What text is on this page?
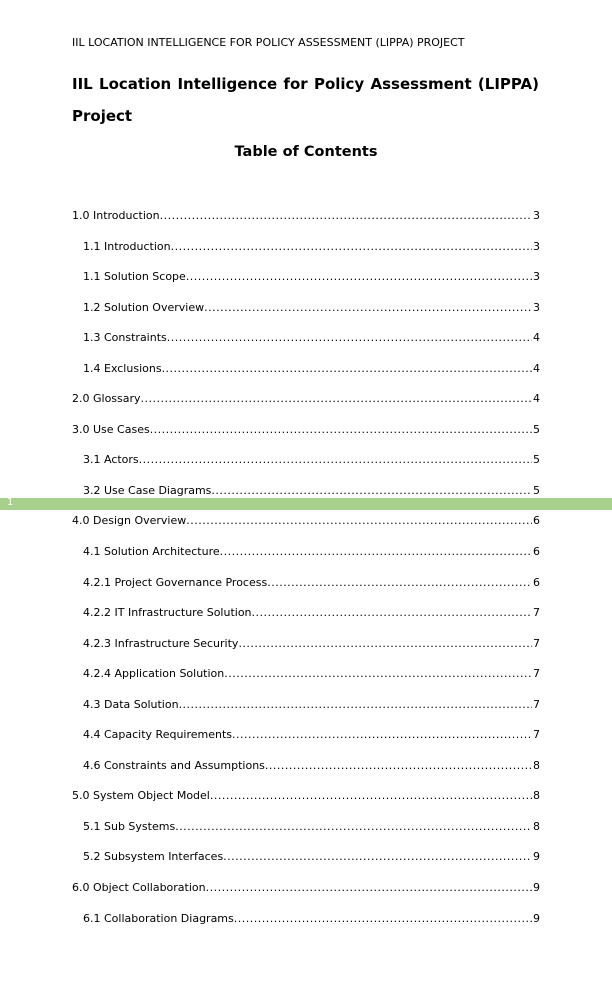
IIL LOCATION INTELLIGENCE FOR POLICY ASSESSMENT (LIPPA) PROJECT
IIL Location Intelligence for Policy Assessment (LIPPA) Project
Table of Contents
1.0 Introduction .....	3
1.1 Introduction .....	3
1.1 Solution Scope .....	3
1.2 Solution Overview .....	3
1.3 Constraints .....	4
1.4 Exclusions .....	4
2.0 Glossary .....	4
3.0 Use Cases .....	5
3.1 Actors .....	5
3.2 Use Case Diagrams .....	5
4.0 Design Overview .....	6
4.1 Solution Architecture .....	6
4.2.1 Project Governance Process .....	6
4.2.2 IT Infrastructure Solution .....	7
4.2.3 Infrastructure Security .....	7
4.2.4 Application Solution .....	7
4.3 Data Solution .....	7
4.4 Capacity Requirements .....	7
4.6 Constraints and Assumptions .....	8
5.0 System Object Model .....	8
5.1 Sub Systems .....	8
5.2 Subsystem Interfaces .....	9
6.0 Object Collaboration .....	9
6.1 Collaboration Diagrams .....	9
1
